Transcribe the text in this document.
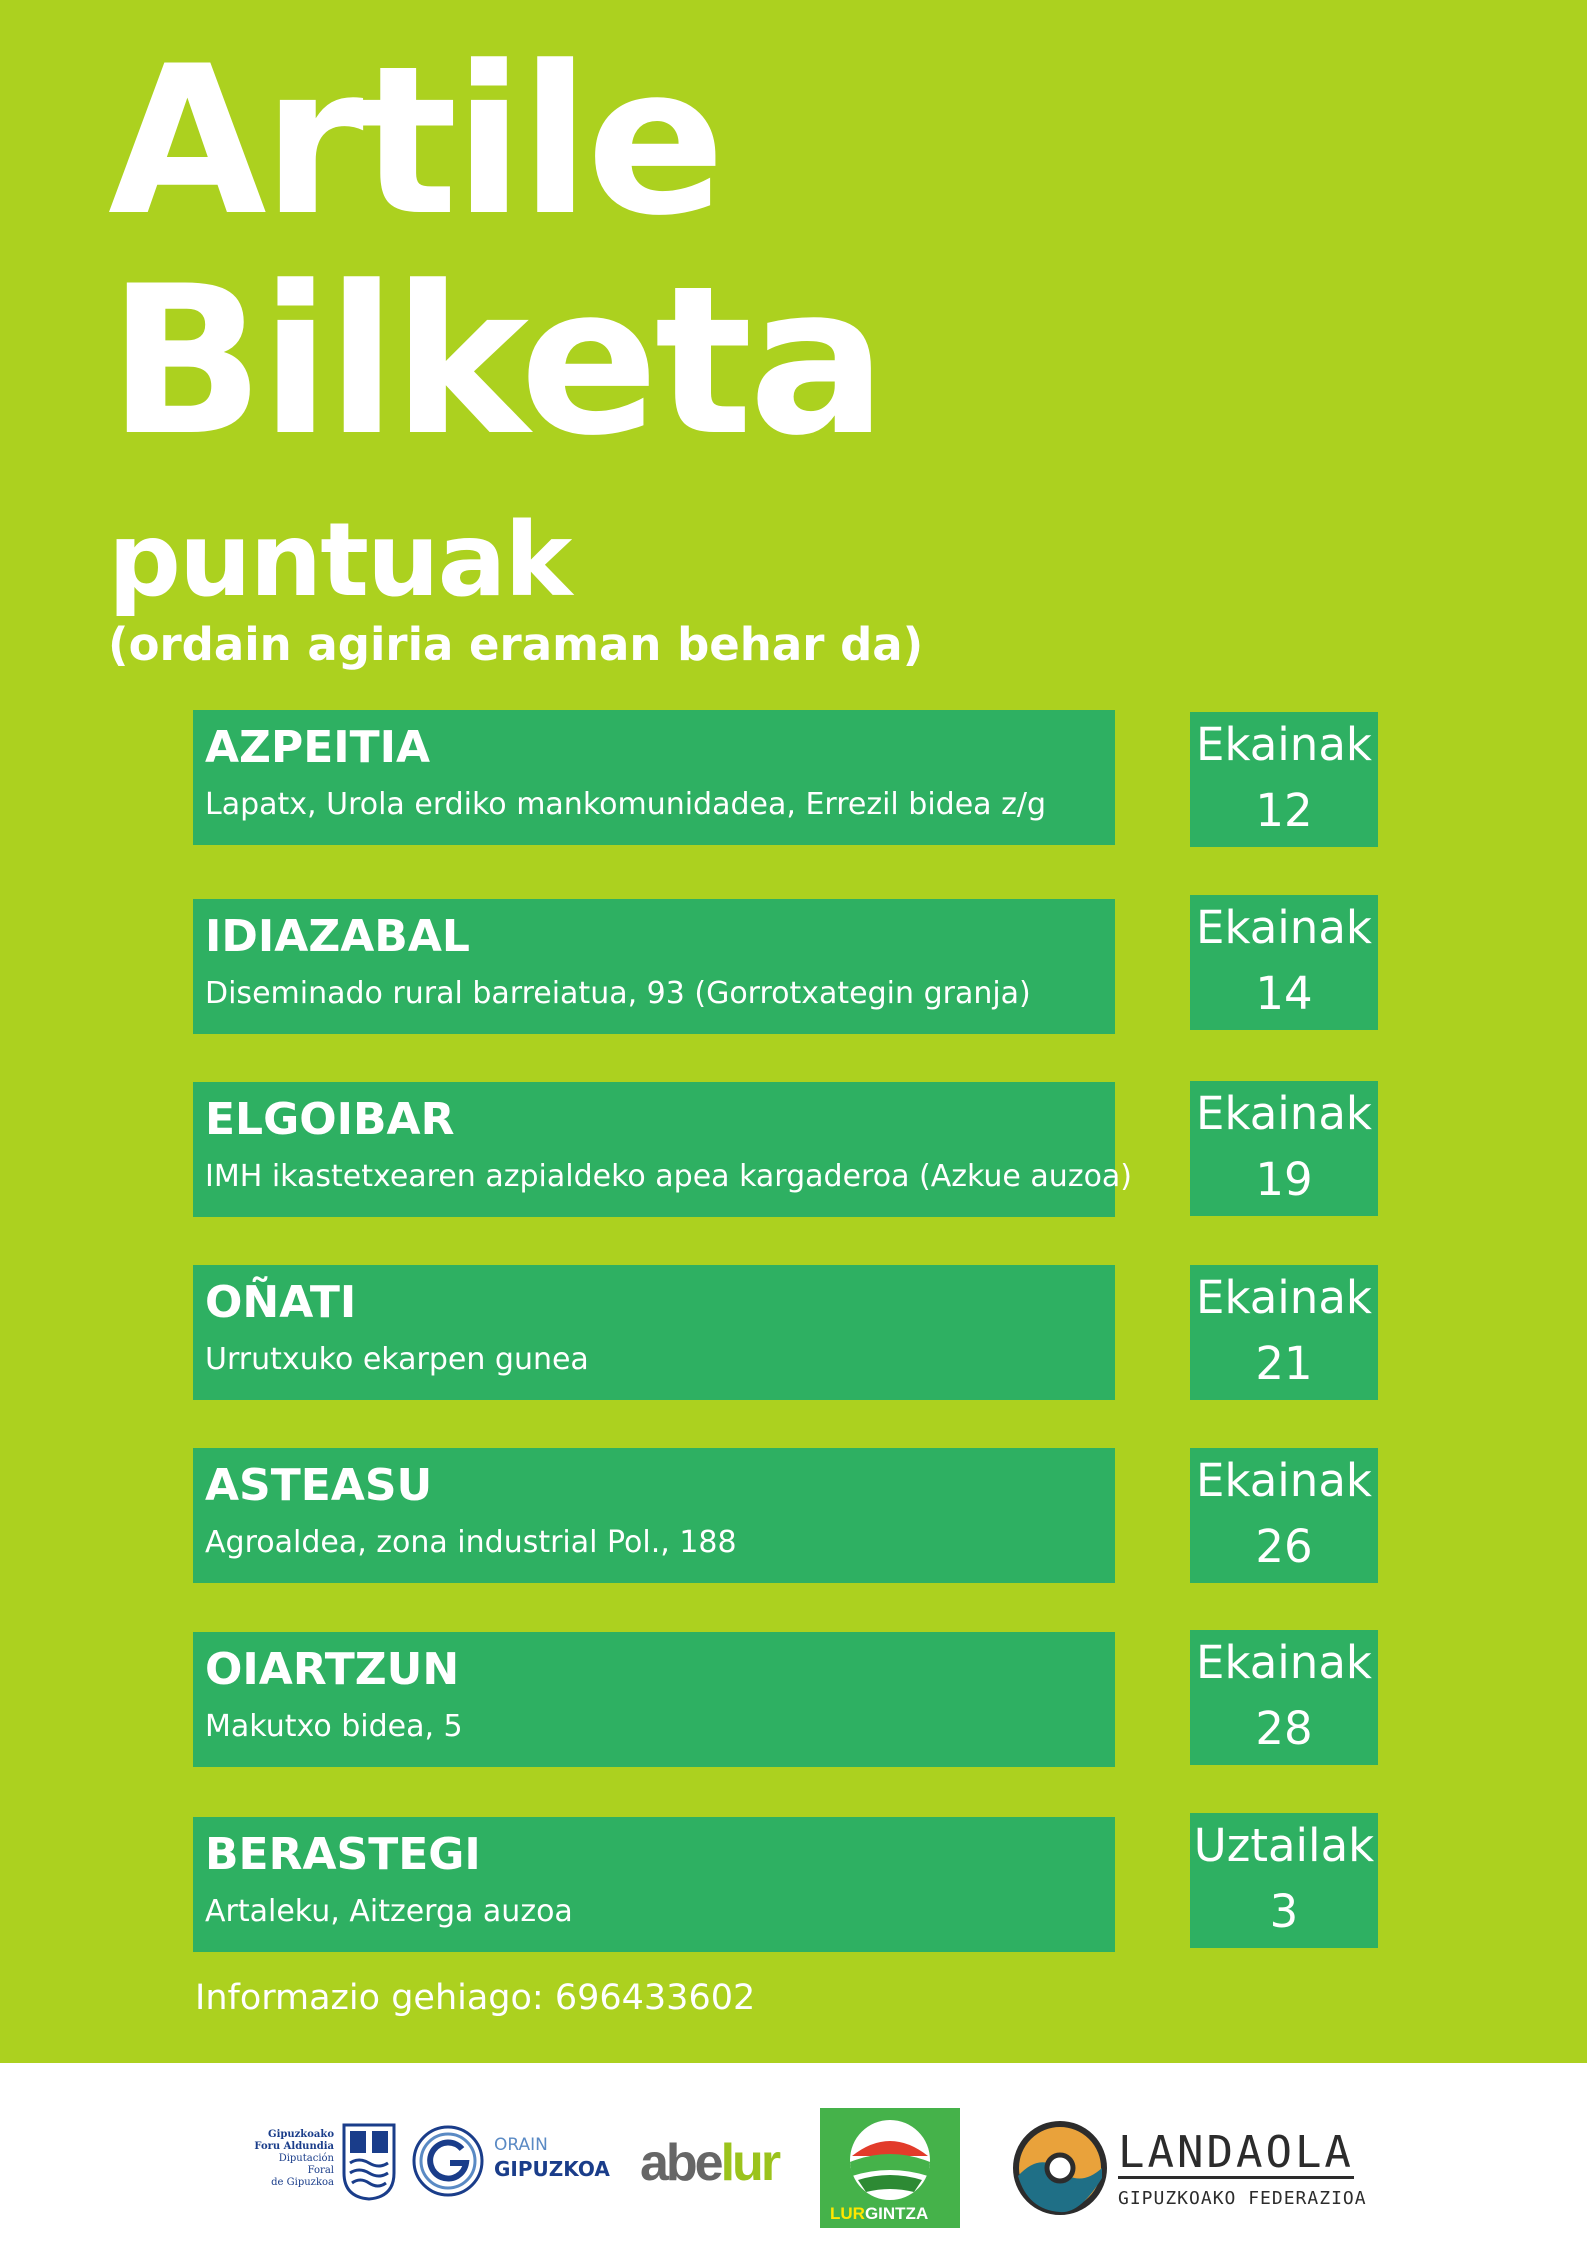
Artile
Bilketa
puntuak
(ordain agiria eraman behar da)
AZPEITIA
Lapatx, Urola erdiko mankomunidadea, Errezil bidea z/g
Ekainak
12
IDIAZABAL
Diseminado rural barreiatua, 93 (Gorrotxategin granja)
Ekainak
14
ELGOIBAR
IMH ikastetxearen azpialdeko apea kargaderoa (Azkue auzoa)
Ekainak
19
OÑATI
Urrutxuko ekarpen gunea
Ekainak
21
ASTEASU
Agroaldea, zona industrial Pol., 188
Ekainak
26
OIARTZUN
Makutxo bidea, 5
Ekainak
28
BERASTEGI
Artaleku, Aitzerga auzoa
Uztailak
3
Informazio gehiago: 696433602
Gipuzkoako
Foru Aldundia
Diputación Foral
de Gipuzkoa
ORAIN
GIPUZKOA abelur
LURGINTZA
LANDAOLA
GIPUZKOAKO FEDERAZIOA
